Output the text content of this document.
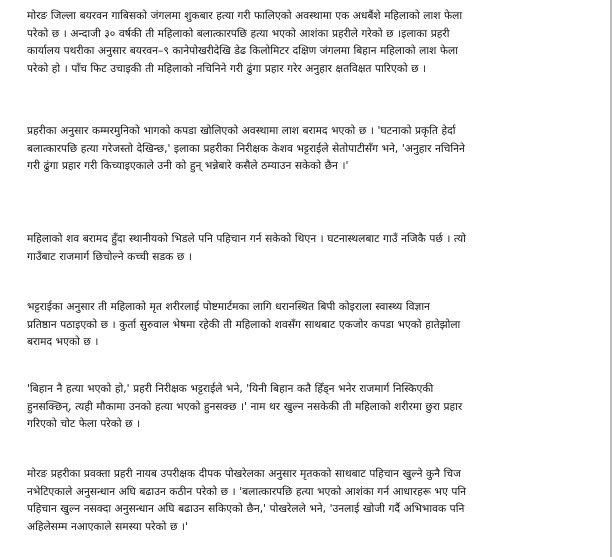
मोरङ जिल्ला बयरवन गाबिसको जंगलमा शुकबार हत्या गरी फालिएको अवस्थामा एक अधबैंशे महिलाको लाश फेला
परेको छ । अन्दाजी ३० वर्षकी ती महिलाको बलात्कारपछि हत्या भएको आशंका प्रहरीले गरेको छ ।इलाका प्रहरी
कार्यालय पथरीका अनुसार बयरवन–९ कानेपोखरीदेखि डेढ किलोमिटर दक्षिण जंगलमा बिहान महिलाको लाश फेला
परेको हो । पाँच फिट उचाइकी ती महिलाको नचिनिने गरी ढुंगा प्रहार गरेर अनुहार क्षतविक्षत पारिएको छ ।

प्रहरीका अनुसार कम्मरमुनिको भागको कपडा खोलिएको अवस्थामा लाश बरामद भएको छ । 'घटनाको प्रकृति हेर्दा
बलात्कारपछि हत्या गरेजस्तो देखिन्छ,' इलाका प्रहरीका निरीक्षक केशव भट्टराईले सेतोपाटीसँग भने, 'अनुहार नचिनिने
गरी ढुंगा प्रहार गरी किच्याइएकाले उनी को हुन् भन्नेबारे कसैले ठम्याउन सकेको छैन ।'

महिलाको शव बरामद हुँदा स्थानीयको भिडले पनि पहिचान गर्न सकेको थिएन । घटनास्थलबाट गाउँ नजिकै पर्छ । त्यो
गाउँबाट राजमार्ग छिचोल्ने कच्ची सडक छ ।

भट्टराईका अनुसार ती महिलाको मृत शरीरलाई पोष्टमार्टमका लागि धरानस्थित बिपी कोइराला स्वास्थ्य विज्ञान
प्रतिष्ठान पठाइएको छ । कुर्ता सुरुवाल भेषमा रहेकी ती महिलाको शवसँग साथबाट एकजोर कपडा भएको हातेझोला
बरामद भएको छ ।

'बिहान नै हत्या भएको हो,' प्रहरी निरीक्षक भट्टराईले भने, 'यिनी बिहान कतै हिँड्न भनेर राजमार्ग निस्किएकी
हुनसक्छिन्, त्यही मौकामा उनको हत्या भएको हुनसक्छ ।' नाम थर खुल्न नसकेकी ती महिलाको शरीरमा छुरा प्रहार
गरिएको चोट फेला परेको छ ।

मोरङ प्रहरीका प्रवक्ता प्रहरी नायब उपरीक्षक दीपक पोखरेलका अनुसार मृतकको साथबाट पहिचान खुल्ने कुनै चिज
नभेटिएकाले अनुसन्धान अघि बढाउन कठीन परेको छ । 'बलात्कारपछि हत्या भएको आशंका गर्न आधारहरू भए पनि
पहिचान खुल्न नसक्दा अनुसन्धान अघि बढाउन सकिएको छैन,' पोखरेलले भने, 'उनलाई खोजी गर्दै अभिभावक पनि
अहिलेसम्म नआएकाले समस्या परेको छ ।'
